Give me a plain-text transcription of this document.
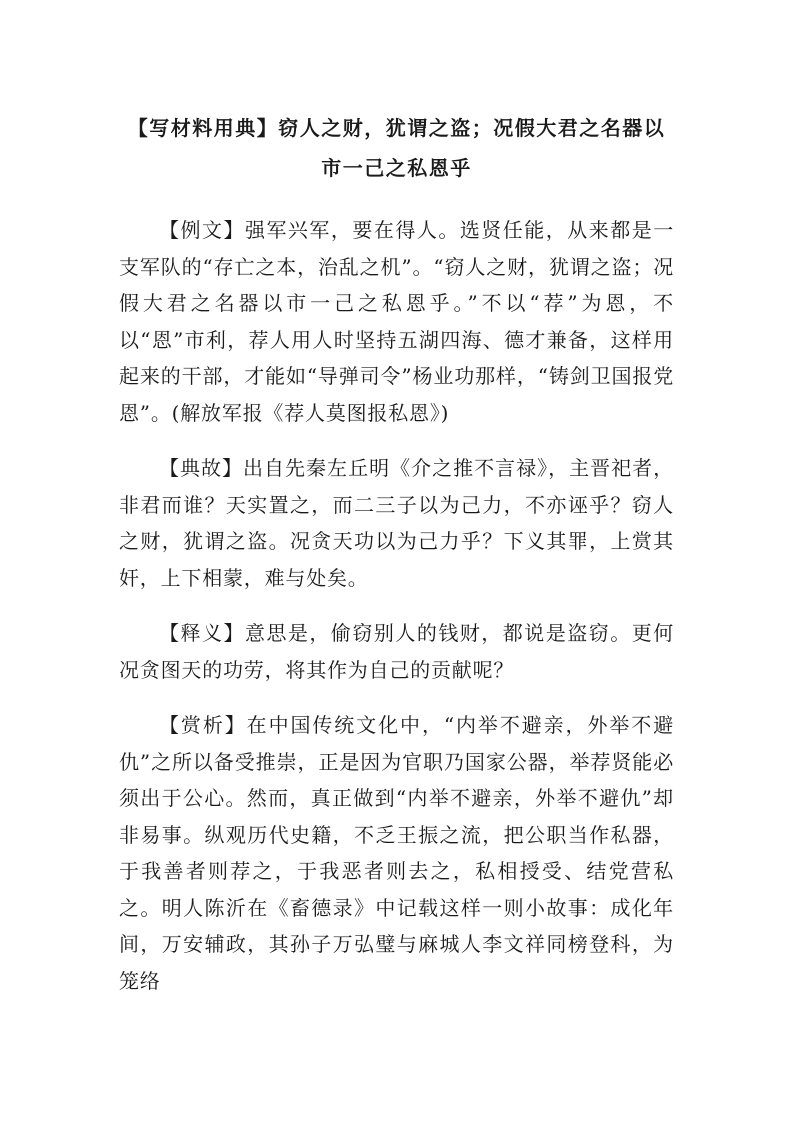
【写材料用典】窃人之财，犹谓之盗；况假大君之名器以市一己之私恩乎

【例文】强军兴军，要在得人。选贤任能，从来都是一支军队的“存亡之本，治乱之机”。“窃人之财，犹谓之盗；况假大君之名器以市一己之私恩乎。”不以“荐”为恩，不以“恩”市利，荐人用人时坚持五湖四海、德才兼备，这样用起来的干部，才能如“导弹司令”杨业功那样，“铸剑卫国报党恩”。(解放军报《荐人莫图报私恩》)

【典故】出自先秦左丘明《介之推不言禄》，主晋祀者，非君而谁？天实置之，而二三子以为己力，不亦诬乎？窃人之财，犹谓之盗。况贪天功以为己力乎？下义其罪，上赏其奸，上下相蒙，难与处矣。

【释义】意思是，偷窃别人的钱财，都说是盗窃。更何况贪图天的功劳，将其作为自己的贡献呢？

【赏析】在中国传统文化中，“内举不避亲，外举不避仇”之所以备受推崇，正是因为官职乃国家公器，举荐贤能必须出于公心。然而，真正做到“内举不避亲，外举不避仇”却非易事。纵观历代史籍，不乏王振之流，把公职当作私器，于我善者则荐之，于我恶者则去之，私相授受、结党营私之。明人陈沂在《畜德录》中记载这样一则小故事：成化年间，万安辅政，其孙子万弘璧与麻城人李文祥同榜登科，为笼络
